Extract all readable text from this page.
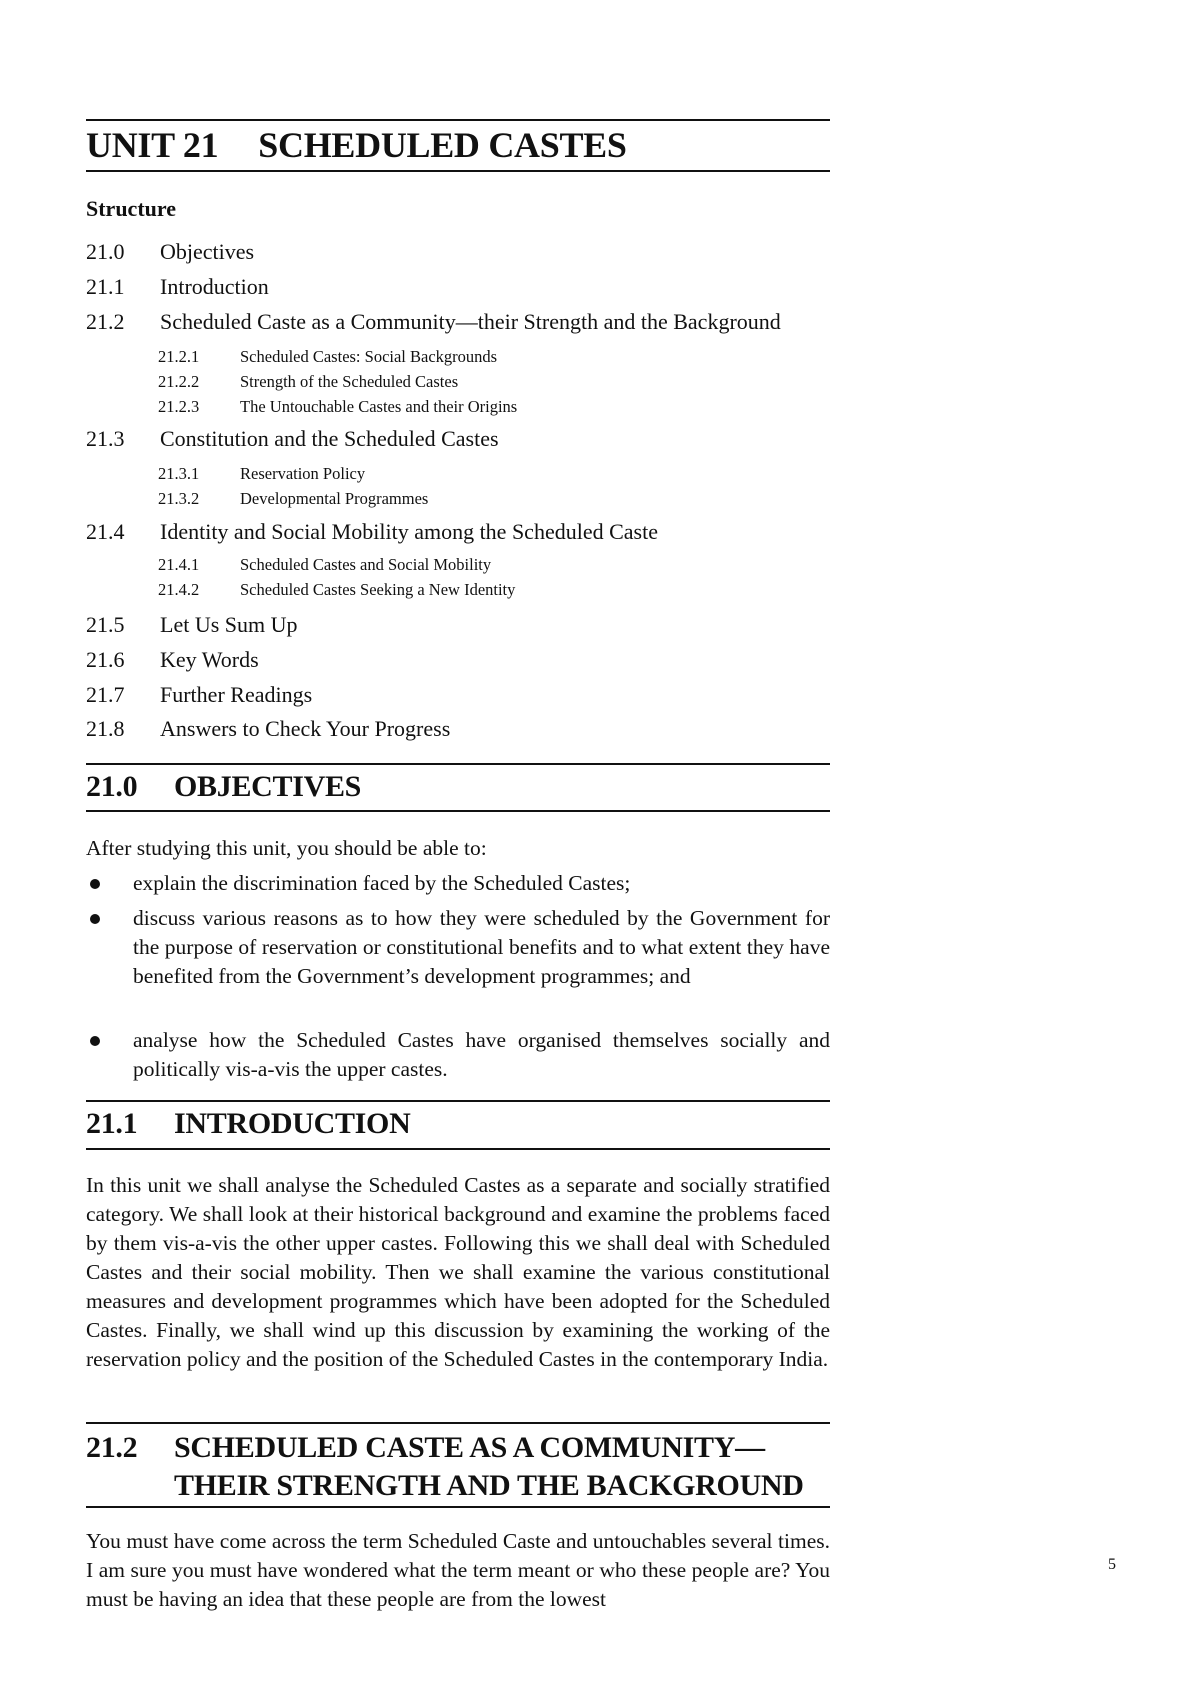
UNIT 21 SCHEDULED CASTES
Structure
21.0 Objectives
21.1 Introduction
21.2 Scheduled Caste as a Community—their Strength and the Background
21.2.1 Scheduled Castes: Social Backgrounds
21.2.2 Strength of the Scheduled Castes
21.2.3 The Untouchable Castes and their Origins
21.3 Constitution and the Scheduled Castes
21.3.1 Reservation Policy
21.3.2 Developmental Programmes
21.4 Identity and Social Mobility among the Scheduled Caste
21.4.1 Scheduled Castes and Social Mobility
21.4.2 Scheduled Castes Seeking a New Identity
21.5 Let Us Sum Up
21.6 Key Words
21.7 Further Readings
21.8 Answers to Check Your Progress
21.0 OBJECTIVES
After studying this unit, you should be able to:
explain the discrimination faced by the Scheduled Castes;
discuss various reasons as to how they were scheduled by the Government for the purpose of reservation or constitutional benefits and to what extent they have benefited from the Government’s development programmes; and
analyse how the Scheduled Castes have organised themselves socially and politically vis-a-vis the upper castes.
21.1 INTRODUCTION
In this unit we shall analyse the Scheduled Castes as a separate and socially stratified category. We shall look at their historical background and examine the problems faced by them vis-a-vis the other upper castes. Following this we shall deal with Scheduled Castes and their social mobility. Then we shall examine the various constitutional measures and development programmes which have been adopted for the Scheduled Castes. Finally, we shall wind up this discussion by examining the working of the reservation policy and the position of the Scheduled Castes in the contemporary India.
21.2 SCHEDULED CASTE AS A COMMUNITY—
THEIR STRENGTH AND THE BACKGROUND
You must have come across the term Scheduled Caste and untouchables several times. I am sure you must have wondered what the term meant or who these people are? You must be having an idea that these people are from the lowest
5
